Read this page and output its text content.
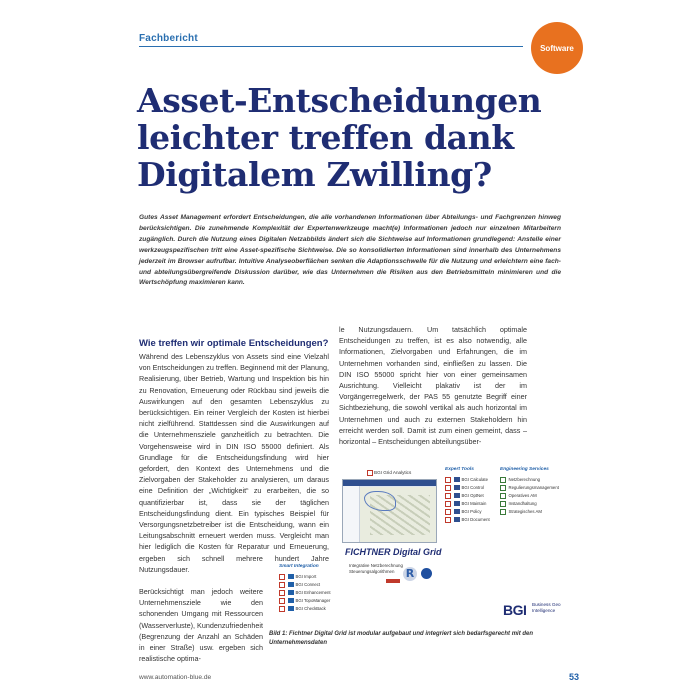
Fachbericht
Software
Asset-Entscheidungen leichter treffen dank Digitalem Zwilling?

Gutes Asset Management erfordert Entscheidungen, die alle vorhandenen Informationen über Abteilungs- und Fachgrenzen hinweg berücksichtigen. Die zunehmende Komplexität der Expertenwerkzeuge macht(e) Informationen jedoch nur einzelnen Mitarbeitern zugänglich. Durch die Nutzung eines Digitalen Netzabbilds ändert sich die Sichtweise auf Informationen grundlegend: Anstelle einer werkzeugspezifischen tritt eine Asset-spezifische Sichtweise. Die so konsolidierten Informationen sind innerhalb des Unternehmens jederzeit im Browser aufrufbar. Intuitive Analyseoberflächen senken die Adaptionsschwelle für die Nutzung und erleichtern eine fach- und abteilungsübergreifende Diskussion darüber, wie das Unternehmen die Risiken aus den Betriebsmitteln minimieren und die Wertschöpfung maximieren kann.

Wie treffen wir optimale Entscheidungen?

Während des Lebenszyklus von Assets sind eine Vielzahl von Entscheidungen zu treffen. Beginnend mit der Planung, Realisierung, über Betrieb, Wartung und Inspektion bis hin zu Renovation, Erneuerung oder Rückbau sind jeweils die Auswirkungen auf den gesamten Lebenszyklus zu berücksichtigen. Ein reiner Vergleich der Kosten ist hierbei nicht zielführend. Stattdessen sind die Auswirkungen auf die Unternehmensziele ganzheitlich zu betrachten. Die Vorgehensweise wird in DIN ISO 55000 definiert. Als Grundlage für die Entscheidungsfindung wird hier gefordert, den Kontext des Unternehmens und die Zielvorgaben der Stakeholder zu analysieren, um daraus eine Definition der „Wichtigkeit“ zu erarbeiten, die so quantifizierbar ist, dass sie der täglichen Entscheidungsfindung dient. Ein typisches Beispiel für Versorgungsnetzbetreiber ist die Entscheidung, wann ein Leitungsabschnitt erneuert werden muss. Vergleicht man hier lediglich die Kosten für Reparatur und Erneuerung, ergeben sich schnell mehrere hundert Jahre Nutzungsdauer.

Berücksichtigt man jedoch weitere Unternehmensziele wie den schonenden Umgang mit Ressourcen (Wasserverluste), Kundenzufriedenheit (Begrenzung der Anzahl an Schäden in einer Straße) usw. ergeben sich realistische optima-

le Nutzungsdauern. Um tatsächlich optimale Entscheidungen zu treffen, ist es also notwendig, alle Informationen, Zielvorgaben und Erfahrungen, die im Unternehmen vorhanden sind, einfließen zu lassen. Die DIN ISO 55000 spricht hier von einer gemeinsamen Ausrichtung. Vielleicht plakativ ist der im Vorgängerregelwerk, der PAS 55 genutzte Begriff einer Sichtbeziehung, die sowohl vertikal als auch horizontal im Unternehmen und auch zu externen Stakeholdern hin erreicht werden soll. Damit ist zum einen gemeint, dass – horizontal – Entscheidungen abteilungsüber-

BGI Grid Analytics
Expert Tools
BGI Calculate
BGI Control
BGI OptNet
BGI Maintain
BGI Policy
BGI Document
Engineering Services
Netzberechnung
Regulierungsmanagement
Operatives AM
Instandhaltung
Strategisches AM
Smart Integration
BGI Import
BGI Connect
BGI Enhancement
BGI TopoManager
BGI CheckBack
FICHTNER Digital Grid
Integrative Netzberechnung Steuerungsalgorithmen	R
BGI Business Geo Intelligence
Bild 1: Fichtner Digital Grid ist modular aufgebaut und integriert sich bedarfsgerecht mit den Unternehmensdaten
www.automation-blue.de	53
